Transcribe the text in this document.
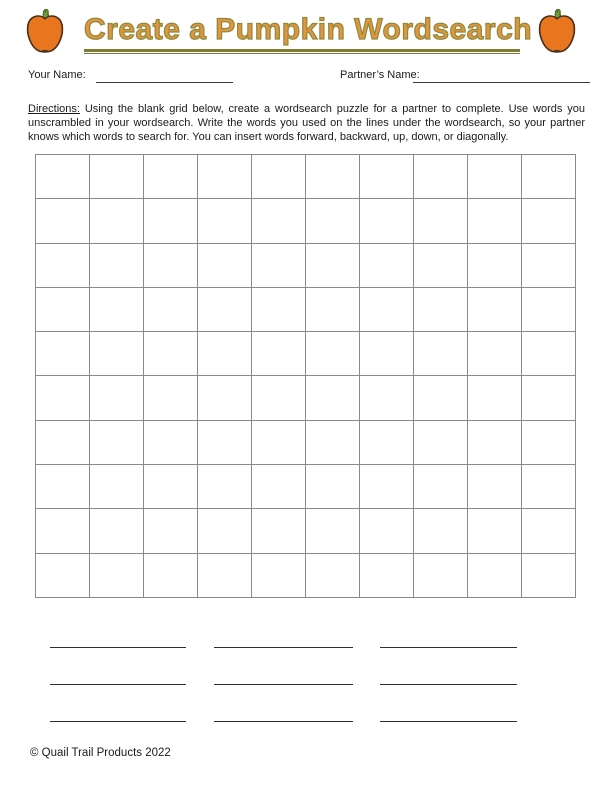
Create a Pumpkin Wordsearch
Your Name:	Partner’s Name:

Directions: Using the blank grid below, create a wordsearch puzzle for a partner to complete. Use words you unscrambled in your wordsearch. Write the words you used on the lines under the wordsearch, so your partner knows which words to search for. You can insert words forward, backward, up, down, or diagonally.

© Quail Trail Products 2022
